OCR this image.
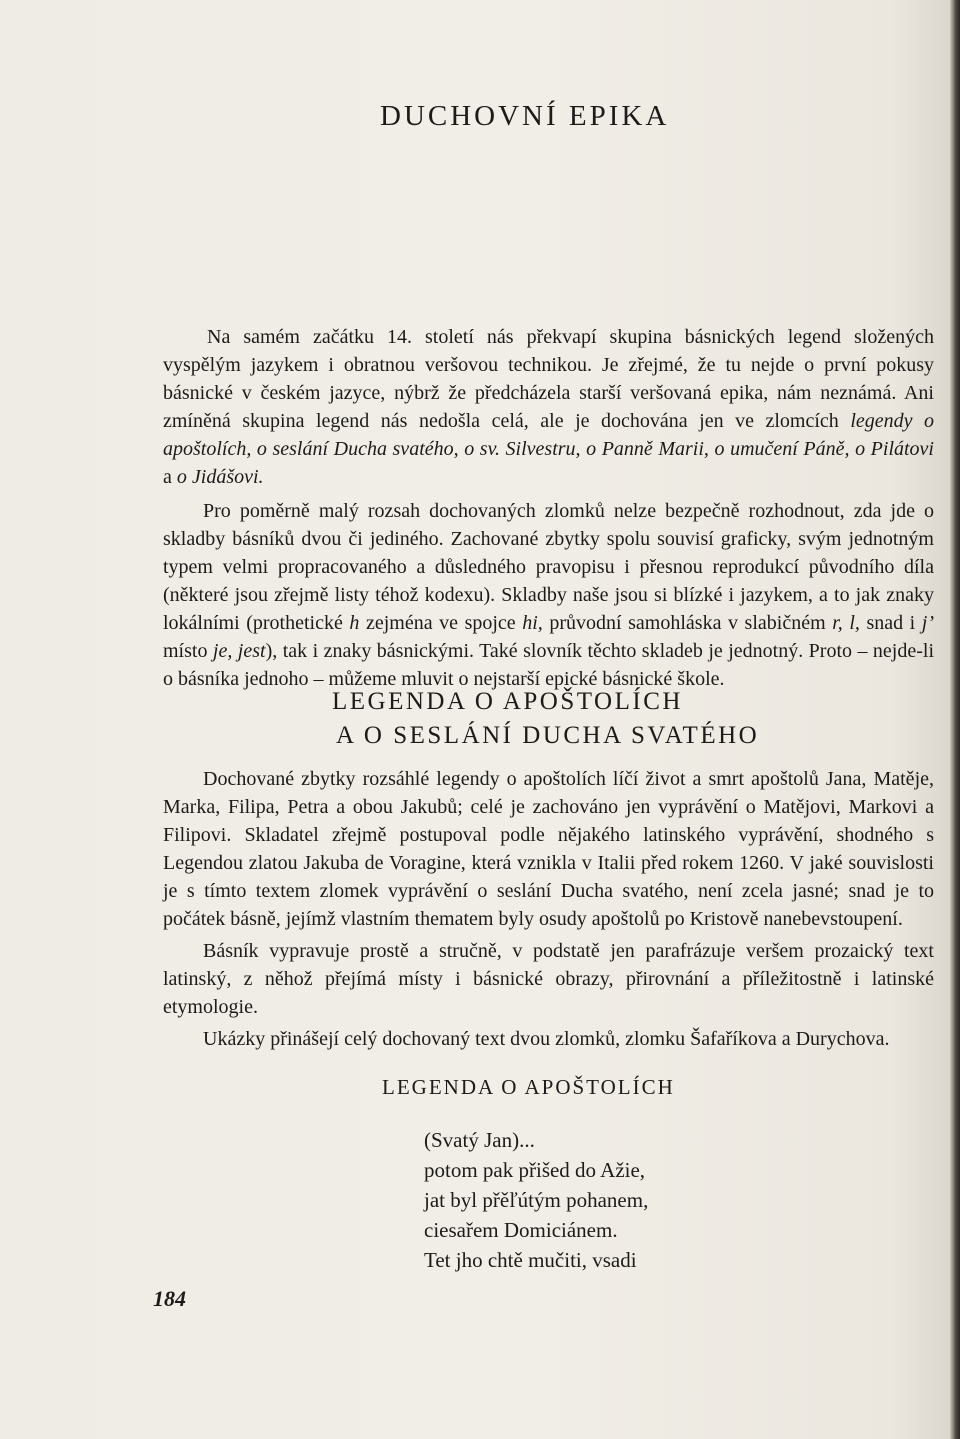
DUCHOVNÍ EPIKA

Na samém začátku 14. století nás překvapí skupina básnických legend složených vyspělým jazykem i obratnou veršovou technikou. Je zřejmé, že tu nejde o první pokusy básnické v českém jazyce, nýbrž že předcházela starší veršovaná epika, nám neznámá. Ani zmíněná skupina legend nás nedošla celá, ale je dochována jen ve zlomcích legendy o apoštolích, o seslání Ducha svatého, o sv. Silvestru, o Panně Marii, o umučení Páně, o Pilátovi a o Jidášovi.

Pro poměrně malý rozsah dochovaných zlomků nelze bezpečně rozhodnout, zda jde o skladby básníků dvou či jediného. Zachované zbytky spolu souvisí graficky, svým jednotným typem velmi propracovaného a důsledného pravopisu i přesnou reprodukcí původního díla (některé jsou zřejmě listy téhož kodexu). Skladby naše jsou si blízké i jazykem, a to jak znaky lokálními (prothetické h zejména ve spojce hi, průvodní samohláska v slabičném r, l, snad i j’ místo je, jest), tak i znaky básnickými. Také slovník těchto skladeb je jednotný. Proto – nejde-li o básníka jednoho – můžeme mluvit o nejstarší epické básnické škole.

LEGENDA O APOŠTOLÍCH
A O SESLÁNÍ DUCHA SVATÉHO

Dochované zbytky rozsáhlé legendy o apoštolích líčí život a smrt apoštolů Jana, Matěje, Marka, Filipa, Petra a obou Jakubů; celé je zachováno jen vyprávění o Matějovi, Markovi a Filipovi. Skladatel zřejmě postupoval podle nějakého latinského vyprávění, shodného s Legendou zlatou Jakuba de Voragine, která vznikla v Italii před rokem 1260. V jaké souvislosti je s tímto textem zlomek vyprávění o seslání Ducha svatého, není zcela jasné; snad je to počátek básně, jejímž vlastním thematem byly osudy apoštolů po Kristově nanebevstoupení.

Básník vypravuje prostě a stručně, v podstatě jen parafrázuje veršem prozaický text latinský, z něhož přejímá místy i básnické obrazy, přirovnání a příležitostně i latinské etymologie.

Ukázky přinášejí celý dochovaný text dvou zlomků, zlomku Šafaříkova a Durychova.

LEGENDA O APOŠTOLÍCH
(Svatý Jan)...
potom pak přišed do Ažie,
jat byl přěľútým pohanem,
ciesařem Domiciánem.
Tet jho chtě mučiti, vsadi
184
